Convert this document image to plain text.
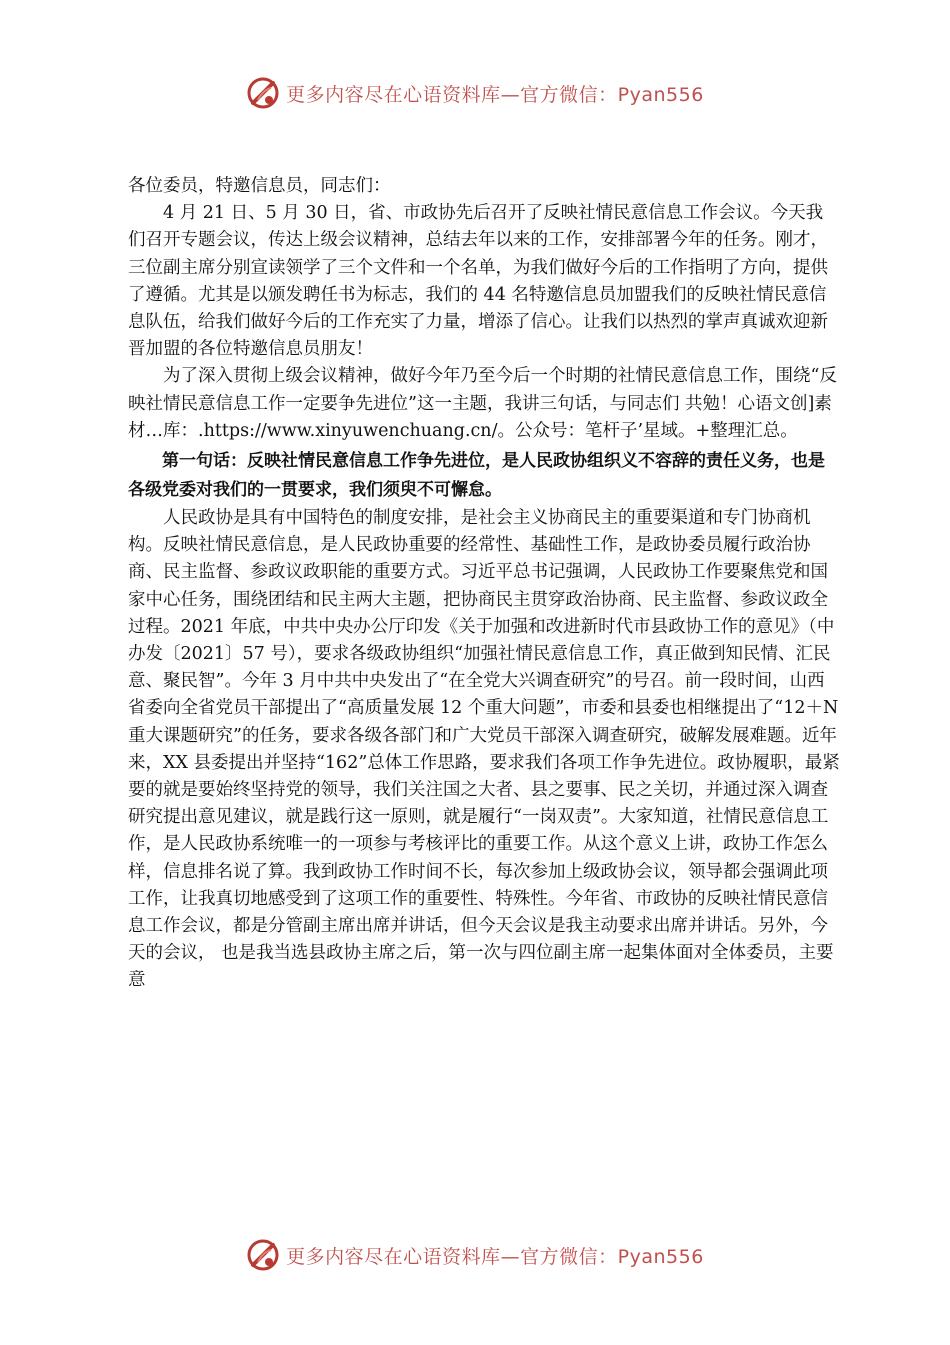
更多内容尽在心语资料库—官方微信：Pyan556

各位委员，特邀信息员，同志们：

4 月 21 日、5 月 30 日，省、市政协先后召开了反映社情民意信息工作会议。今天我们召开专题会议，传达上级会议精神，总结去年以来的工作，安排部署今年的任务。刚才，三位副主席分别宣读领学了三个文件和一个名单，为我们做好今后的工作指明了方向，提供了遵循。尤其是以颁发聘任书为标志，我们的 44 名特邀信息员加盟我们的反映社情民意信息队伍，给我们做好今后的工作充实了力量，增添了信心。让我们以热烈的掌声真诚欢迎新晋加盟的各位特邀信息员朋友！

为了深入贯彻上级会议精神，做好今年乃至今后一个时期的社情民意信息工作，围绕“反映社情民意信息工作一定要争先进位”这一主题，我讲三句话，与同志们 共勉！心语文创]素材…库：.https://www.xinyuwenchuang.cn/。公众号：笔杆子’星域。+整理汇总。

第一句话：反映社情民意信息工作争先进位，是人民政协组织义不容辞的责任义务，也是各级党委对我们的一贯要求，我们须臾不可懈怠。

人民政协是具有中国特色的制度安排，是社会主义协商民主的重要渠道和专门协商机构。反映社情民意信息，是人民政协重要的经常性、基础性工作，是政协委员履行政治协商、民主监督、参政议政职能的重要方式。习近平总书记强调，人民政协工作要聚焦党和国家中心任务，围绕团结和民主两大主题，把协商民主贯穿政治协商、民主监督、参政议政全过程。2021 年底，中共中央办公厅印发《关于加强和改进新时代市县政协工作的意见》（中办发〔2021〕57 号），要求各级政协组织“加强社情民意信息工作，真正做到知民情、汇民意、聚民智”。今年 3 月中共中央发出了“在全党大兴调查研究”的号召。前一段时间，山西省委向全省党员干部提出了“高质量发展 12 个重大问题”，市委和县委也相继提出了“12＋N 重大课题研究”的任务，要求各级各部门和广大党员干部深入调查研究，破解发展难题。近年来，XX 县委提出并坚持“162”总体工作思路，要求我们各项工作争先进位。政协履职，最紧要的就是要始终坚持党的领导，我们关注国之大者、县之要事、民之关切，并通过深入调查研究提出意见建议，就是践行这一原则，就是履行“一岗双责”。大家知道，社情民意信息工作，是人民政协系统唯一的一项参与考核评比的重要工作。从这个意义上讲，政协工作怎么样，信息排名说了算。我到政协工作时间不长，每次参加上级政协会议，领导都会强调此项工作，让我真切地感受到了这项工作的重要性、特殊性。今年省、市政协的反映社情民意信息工作会议，都是分管副主席出席并讲话，但今天会议是我主动要求出席并讲话。另外，今天的会议， 也是我当选县政协主席之后，第一次与四位副主席一起集体面对全体委员，主要意

更多内容尽在心语资料库—官方微信：Pyan556
